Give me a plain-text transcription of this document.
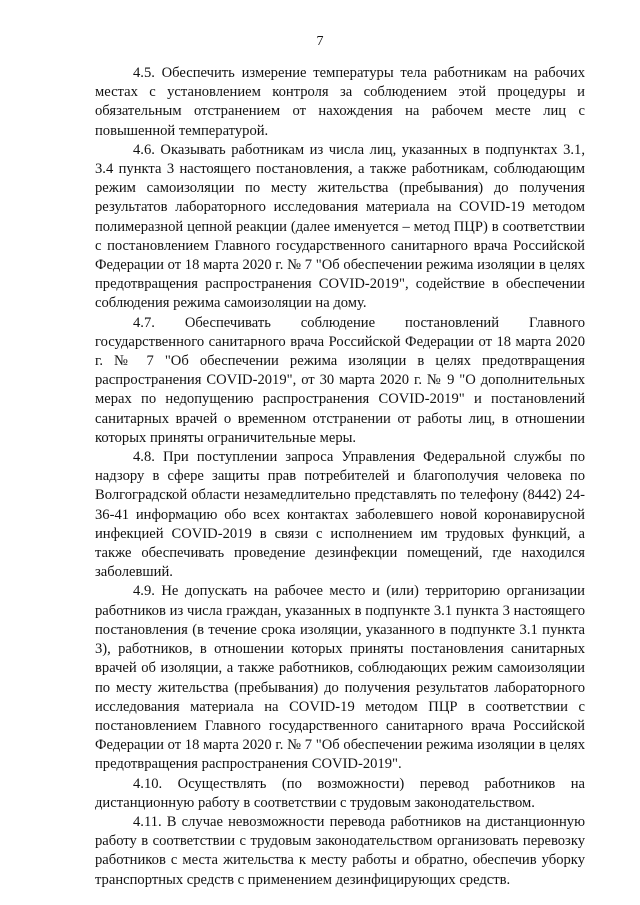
7

4.5. Обеспечить измерение температуры тела работникам на рабочих местах с установлением контроля за соблюдением этой процедуры и обязательным отстранением от нахождения на рабочем месте лиц с повышенной температурой.

4.6. Оказывать работникам из числа лиц, указанных в подпунктах 3.1, 3.4 пункта 3 настоящего постановления, а также работникам, соблюдающим режим самоизоляции по месту жительства (пребывания) до получения результатов лабораторного исследования материала на COVID-19 методом полимеразной цепной реакции (далее именуется – метод ПЦР) в соответствии с постановлением Главного государственного санитарного врача Российской Федерации от 18 марта 2020 г. № 7 "Об обеспечении режима изоляции в целях предотвращения распространения COVID-2019", содействие в обеспечении соблюдения режима самоизоляции на дому.

4.7. Обеспечивать соблюдение постановлений Главного государственного санитарного врача Российской Федерации от 18 марта 2020 г. № 7 "Об обеспечении режима изоляции в целях предотвращения распространения COVID-2019", от 30 марта 2020 г. № 9 "О дополнительных мерах по недопущению распространения COVID-2019" и постановлений санитарных врачей о временном отстранении от работы лиц, в отношении которых приняты ограничительные меры.

4.8. При поступлении запроса Управления Федеральной службы по надзору в сфере защиты прав потребителей и благополучия человека по Волгоградской области незамедлительно представлять по телефону (8442) 24-36-41 информацию обо всех контактах заболевшего новой коронавирусной инфекцией COVID-2019 в связи с исполнением им трудовых функций, а также обеспечивать проведение дезинфекции помещений, где находился заболевший.

4.9. Не допускать на рабочее место и (или) территорию организации работников из числа граждан, указанных в подпункте 3.1 пункта 3 настоящего постановления (в течение срока изоляции, указанного в подпункте 3.1 пункта 3), работников, в отношении которых приняты постановления санитарных врачей об изоляции, а также работников, соблюдающих режим самоизоляции по месту жительства (пребывания) до получения результатов лабораторного исследования материала на COVID-19 методом ПЦР в соответствии с постановлением Главного государственного санитарного врача Российской Федерации от 18 марта 2020 г. № 7 "Об обеспечении режима изоляции в целях предотвращения распространения COVID-2019".

4.10. Осуществлять (по возможности) перевод работников на дистанционную работу в соответствии с трудовым законодательством.

4.11. В случае невозможности перевода работников на дистанционную работу в соответствии с трудовым законодательством организовать перевозку работников с места жительства к месту работы и обратно, обеспечив уборку транспортных средств с применением дезинфицирующих средств.
